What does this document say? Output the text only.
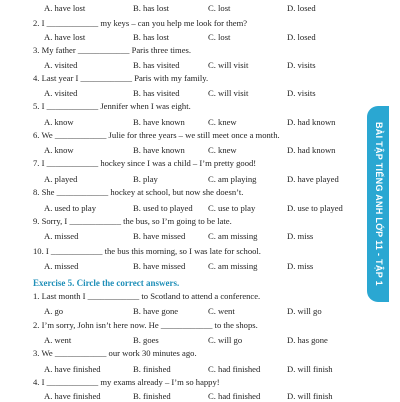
A. have lost	B. has lost	C. lost	D. losed
2. I ____________ my keys – can you help me look for them?
A. have lost	B. has lost	C. lost	D. losed
3. My father ____________ Paris three times.
A. visited	B. has visited	C. will visit	D. visits
4. Last year I ____________ Paris with my family.
A. visited	B. has visited	C. will visit	D. visits
5. I ____________ Jennifer when I was eight.
A. know	B. have known	C. knew	D. had known
6. We ____________ Julie for three years – we still meet once a month.
A. know	B. have known	C. knew	D. had known
7. I ____________ hockey since I was a child – I’m pretty good!
A. played	B. play	C. am playing	D. have played
8. She ____________ hockey at school, but now she doesn’t.
A. used to play	B. used to played C. use to play	D. use to played
9. Sorry, I ____________ the bus, so I’m going to be late.
A. missed	B. have missed	C. am missing	D. miss
10. I ____________ the bus this morning, so I was late for school.
A. missed	B. have missed	C. am missing	D. miss
Exercise 5. Circle the correct answers.
1. Last month I ____________ to Scotland to attend a conference.
A. go	B. have gone	C. went	D. will go
2. I’m sorry, John isn’t here now. He ____________ to the shops.
A. went	B. goes	C. will go	D. has gone
3. We ____________ our work 30 minutes ago.
A. have finished	B. finished	C. had finished	D. will finish
4. I ____________ my exams already – I’m so happy!
A. have finished	B. finished	C. had finished	D. will finish
BÀI TẬP TIẾNG ANH LỚP 11 - TẬP 1
